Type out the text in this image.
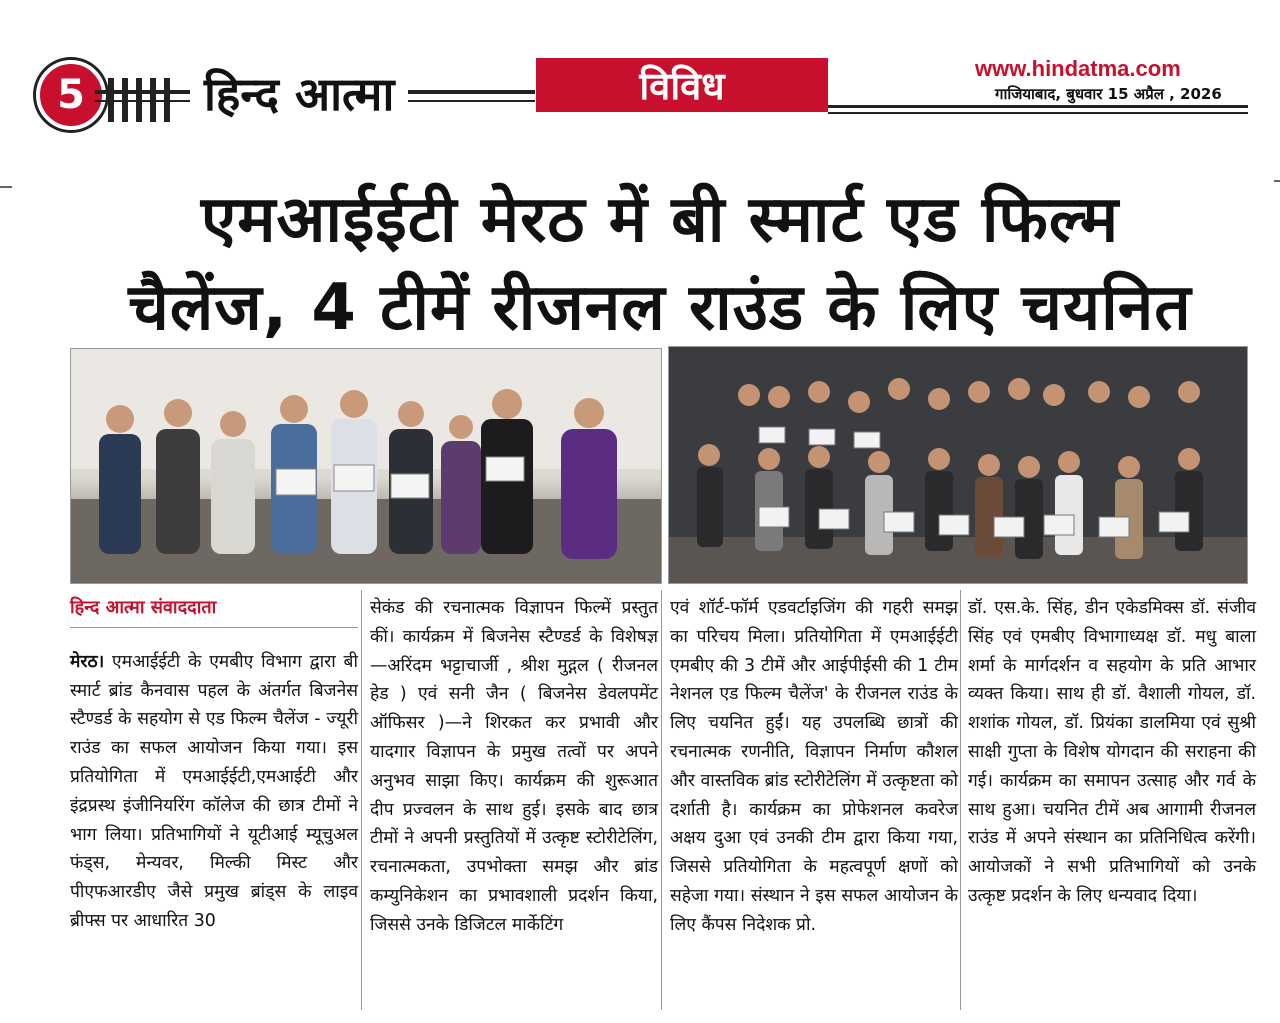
5	हिन्द आत्मा	विविध	www.hindatma.com
गाजियाबाद, बुधवार 15 अप्रैल , 2026
एमआईईटी मेरठ में बी स्मार्ट एड फिल्म
चैलेंज, 4 टीमें रीजनल राउंड के लिए चयनित

हिन्द आत्मा संवाददाता

मेरठ। एमआईईटी के एमबीए विभाग द्वारा बी स्मार्ट ब्रांड कैनवास पहल के अंतर्गत बिजनेस स्टैण्डर्ड के सहयोग से एड फिल्म चैलेंज - ज्यूरी राउंड का सफल आयोजन किया गया। इस प्रतियोगिता में एमआईईटी,एमआईटी और इंद्रप्रस्थ इंजीनियरिंग कॉलेज की छात्र टीमों ने भाग लिया। प्रतिभागियों ने यूटीआई म्यूचुअल फंड्स, मेन्यवर, मिल्की मिस्ट और पीएफआरडीए जैसे प्रमुख ब्रांड्स के लाइव ब्रीफ्स पर आधारित 30

सेकंड की रचनात्मक विज्ञापन फिल्में प्रस्तुत कीं। कार्यक्रम में बिजनेस स्टैण्डर्ड के विशेषज्ञ—अरिंदम भट्टाचार्जी , श्रीश मुद्गल ( रीजनल हेड ) एवं सनी जैन ( बिजनेस डेवलपमेंट ऑफिसर )—ने शिरकत कर प्रभावी और यादगार विज्ञापन के प्रमुख तत्वों पर अपने अनुभव साझा किए। कार्यक्रम की शुरूआत दीप प्रज्वलन के साथ हुई। इसके बाद छात्र टीमों ने अपनी प्रस्तुतियों में उत्कृष्ट स्टोरीटेलिंग, रचनात्मकता, उपभोक्ता समझ और ब्रांड कम्युनिकेशन का प्रभावशाली प्रदर्शन किया, जिससे उनके डिजिटल मार्केटिंग

एवं शॉर्ट-फॉर्म एडवर्टाइजिंग की गहरी समझ का परिचय मिला। प्रतियोगिता में एमआईईटी एमबीए की 3 टीमें और आईपीईसी की 1 टीम नेशनल एड फिल्म चैलेंज' के रीजनल राउंड के लिए चयनित हुईं। यह उपलब्धि छात्रों की रचनात्मक रणनीति, विज्ञापन निर्माण कौशल और वास्तविक ब्रांड स्टोरीटेलिंग में उत्कृष्टता को दर्शाती है। कार्यक्रम का प्रोफेशनल कवरेज अक्षय दुआ एवं उनकी टीम द्वारा किया गया, जिससे प्रतियोगिता के महत्वपूर्ण क्षणों को सहेजा गया। संस्थान ने इस सफल आयोजन के लिए कैंपस निदेशक प्रो.

डॉ. एस.के. सिंह, डीन एकेडमिक्स डॉ. संजीव सिंह एवं एमबीए विभागाध्यक्ष डॉ. मधु बाला शर्मा के मार्गदर्शन व सहयोग के प्रति आभार व्यक्त किया। साथ ही डॉ. वैशाली गोयल, डॉ. शशांक गोयल, डॉ. प्रियंका डालमिया एवं सुश्री साक्षी गुप्ता के विशेष योगदान की सराहना की गई। कार्यक्रम का समापन उत्साह और गर्व के साथ हुआ। चयनित टीमें अब आगामी रीजनल राउंड में अपने संस्थान का प्रतिनिधित्व करेंगी। आयोजकों ने सभी प्रतिभागियों को उनके उत्कृष्ट प्रदर्शन के लिए धन्यवाद दिया।
